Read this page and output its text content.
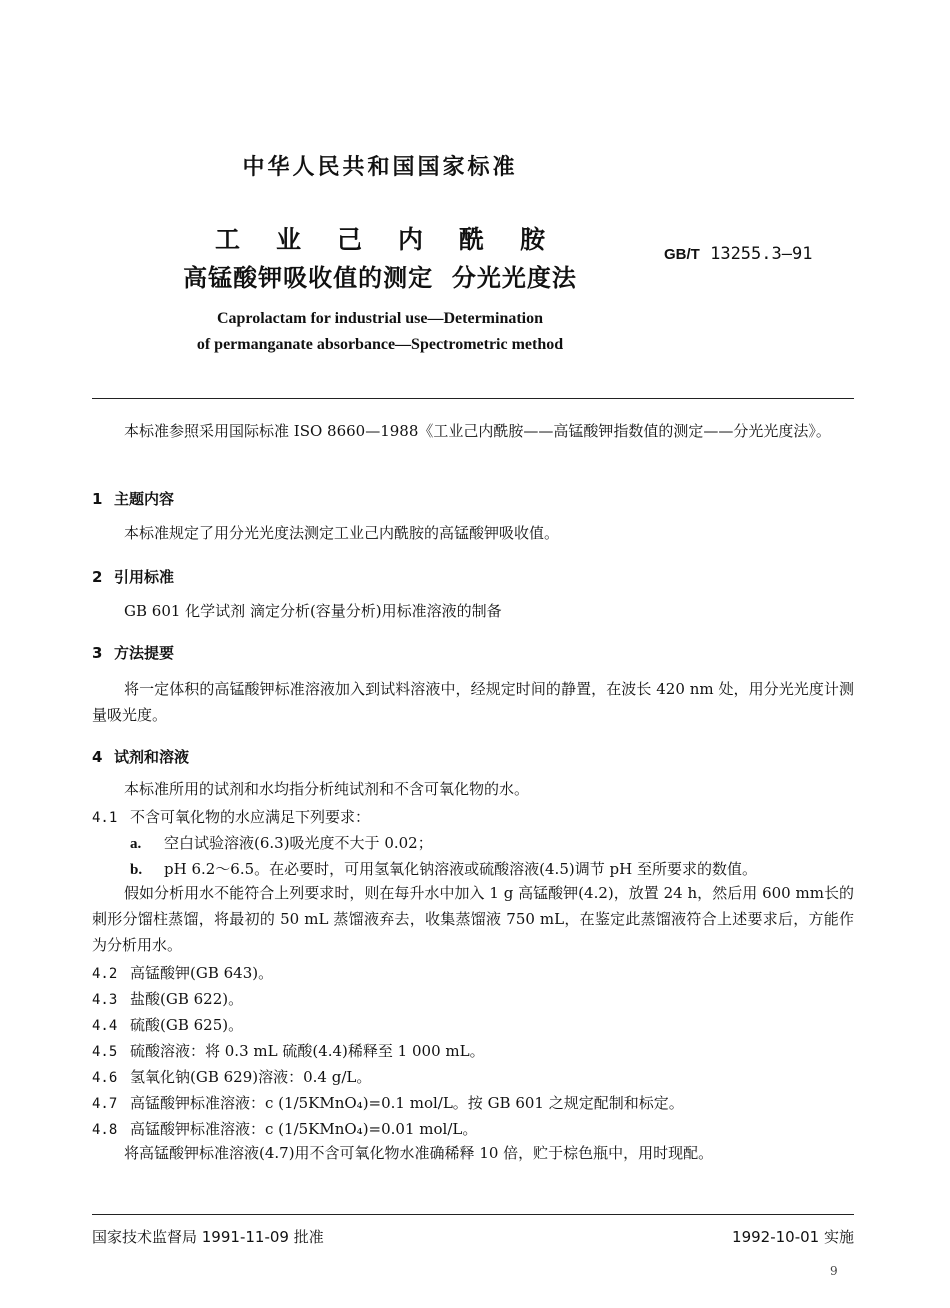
中华人民共和国国家标准
工业己内酰胺
高锰酸钾吸收值的测定  分光光度法
GB/T 13255.3—91
Caprolactam for industrial use—Determination
of permanganate absorbance—Spectrometric method
本标准参照采用国际标准 ISO 8660—1988《工业己内酰胺——高锰酸钾指数值的测定——分光光度法》。
1 主题内容
本标准规定了用分光光度法测定工业己内酰胺的高锰酸钾吸收值。
2 引用标准
GB 601 化学试剂 滴定分析(容量分析)用标准溶液的制备
3 方法提要
将一定体积的高锰酸钾标准溶液加入到试料溶液中，经规定时间的静置，在波长 420 nm 处，用分光光度计测量吸光度。
4 试剂和溶液
本标准所用的试剂和水均指分析纯试剂和不含可氧化物的水。
4.1 不含可氧化物的水应满足下列要求：
a. 空白试验溶液(6.3)吸光度不大于 0.02；
b. pH 6.2～6.5。在必要时，可用氢氧化钠溶液或硫酸溶液(4.5)调节 pH 至所要求的数值。
假如分析用水不能符合上列要求时，则在每升水中加入 1 g 高锰酸钾(4.2)，放置 24 h，然后用 600 mm长的刺形分馏柱蒸馏，将最初的 50 mL 蒸馏液弃去，收集蒸馏液 750 mL，在鉴定此蒸馏液符合上述要求后，方能作为分析用水。
4.2 高锰酸钾(GB 643)。
4.3 盐酸(GB 622)。
4.4 硫酸(GB 625)。
4.5 硫酸溶液：将 0.3 mL 硫酸(4.4)稀释至 1 000 mL。
4.6 氢氧化钠(GB 629)溶液：0.4 g/L。
4.7 高锰酸钾标准溶液：c (1/5KMnO₄)=0.1 mol/L。按 GB 601 之规定配制和标定。
4.8 高锰酸钾标准溶液：c (1/5KMnO₄)=0.01 mol/L。
将高锰酸钾标准溶液(4.7)用不含可氧化物水准确稀释 10 倍，贮于棕色瓶中，用时现配。
国家技术监督局 1991-11-09 批准	1992-10-01 实施
9
